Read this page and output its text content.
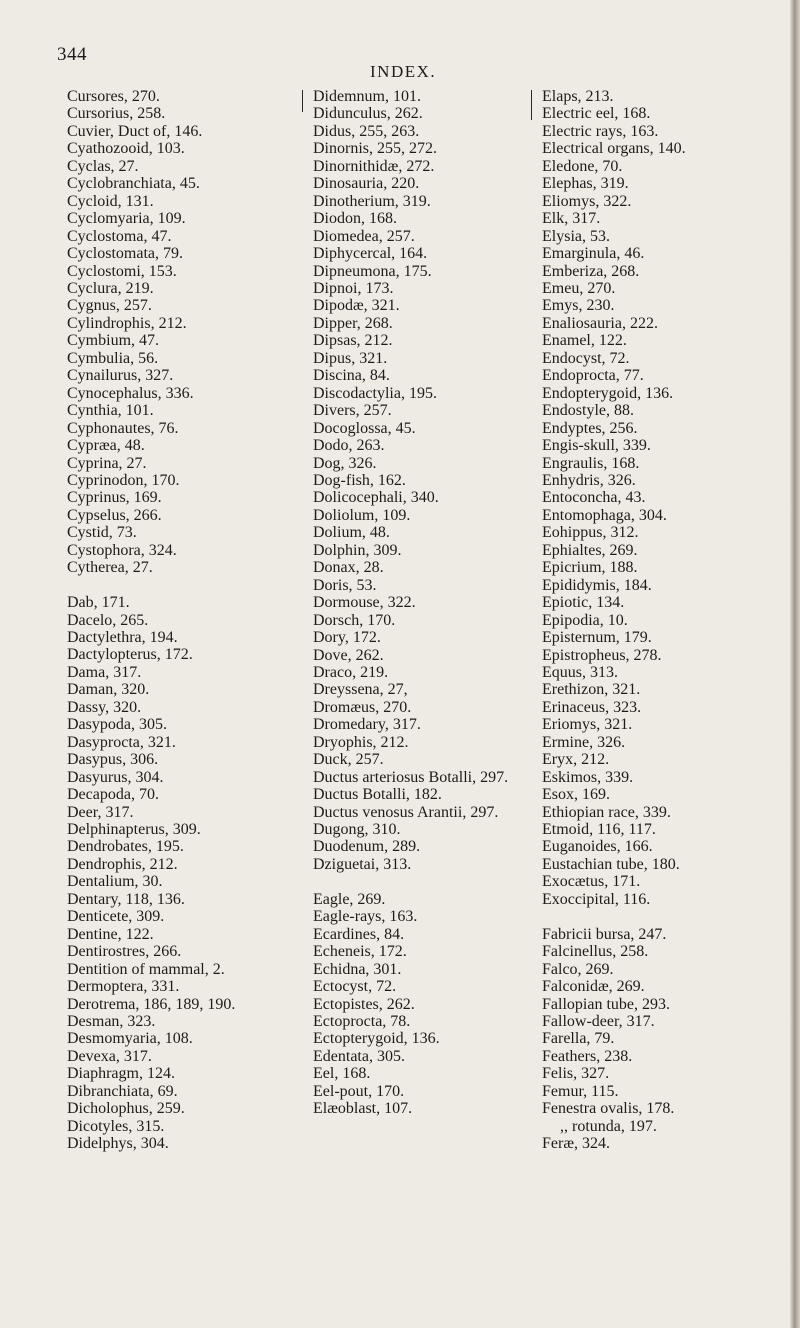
344
INDEX.
Cursores, 270.
Cursorius, 258.
Cuvier, Duct of, 146.
Cyathozooid, 103.
Cyclas, 27.
Cyclobranchiata, 45.
Cycloid, 131.
Cyclomyaria, 109.
Cyclostoma, 47.
Cyclostomata, 79.
Cyclostomi, 153.
Cyclura, 219.
Cygnus, 257.
Cylindrophis, 212.
Cymbium, 47.
Cymbulia, 56.
Cynailurus, 327.
Cynocephalus, 336.
Cynthia, 101.
Cyphonautes, 76.
Cypræa, 48.
Cyprina, 27.
Cyprinodon, 170.
Cyprinus, 169.
Cypselus, 266.
Cystid, 73.
Cystophora, 324.
Cytherea, 27.
Dab, 171.
Dacelo, 265.
Dactylethra, 194.
Dactylopterus, 172.
Dama, 317.
Daman, 320.
Dassy, 320.
Dasypoda, 305.
Dasyprocta, 321.
Dasypus, 306.
Dasyurus, 304.
Decapoda, 70.
Deer, 317.
Delphinapterus, 309.
Dendrobates, 195.
Dendrophis, 212.
Dentalium, 30.
Dentary, 118, 136.
Denticete, 309.
Dentine, 122.
Dentirostres, 266.
Dentition of mammal, 2.
Dermoptera, 331.
Derotrema, 186, 189, 190.
Desman, 323.
Desmomyaria, 108.
Devexa, 317.
Diaphragm, 124.
Dibranchiata, 69.
Dicholophus, 259.
Dicotyles, 315.
Didelphys, 304.
Didemnum, 101.
Didunculus, 262.
Didus, 255, 263.
Dinornis, 255, 272.
Dinornithidæ, 272.
Dinosauria, 220.
Dinotherium, 319.
Diodon, 168.
Diomedea, 257.
Diphycercal, 164.
Dipneumona, 175.
Dipnoi, 173.
Dipodæ, 321.
Dipper, 268.
Dipsas, 212.
Dipus, 321.
Discina, 84.
Discodactylia, 195.
Divers, 257.
Docoglossa, 45.
Dodo, 263.
Dog, 326.
Dog-fish, 162.
Dolicocephali, 340.
Doliolum, 109.
Dolium, 48.
Dolphin, 309.
Donax, 28.
Doris, 53.
Dormouse, 322.
Dorsch, 170.
Dory, 172.
Dove, 262.
Draco, 219.
Dreyssena, 27,
Dromæus, 270.
Dromedary, 317.
Dryophis, 212.
Duck, 257.
Ductus arteriosus Botalli, 297.
Ductus Botalli, 182.
Ductus venosus Arantii, 297.
Dugong, 310.
Duodenum, 289.
Dziguetai, 313.
Eagle, 269.
Eagle-rays, 163.
Ecardines, 84.
Echeneis, 172.
Echidna, 301.
Ectocyst, 72.
Ectopistes, 262.
Ectoprocta, 78.
Ectopterygoid, 136.
Edentata, 305.
Eel, 168.
Eel-pout, 170.
Elæoblast, 107.
Elaps, 213.
Electric eel, 168.
Electric rays, 163.
Electrical organs, 140.
Eledone, 70.
Elephas, 319.
Eliomys, 322.
Elk, 317.
Elysia, 53.
Emarginula, 46.
Emberiza, 268.
Emeu, 270.
Emys, 230.
Enaliosauria, 222.
Enamel, 122.
Endocyst, 72.
Endoprocta, 77.
Endopterygoid, 136.
Endostyle, 88.
Endyptes, 256.
Engis-skull, 339.
Engraulis, 168.
Enhydris, 326.
Entoconcha, 43.
Entomophaga, 304.
Eohippus, 312.
Ephialtes, 269.
Epicrium, 188.
Epididymis, 184.
Epiotic, 134.
Epipodia, 10.
Episternum, 179.
Epistropheus, 278.
Equus, 313.
Erethizon, 321.
Erinaceus, 323.
Eriomys, 321.
Ermine, 326.
Eryx, 212.
Eskimos, 339.
Esox, 169.
Ethiopian race, 339.
Etmoid, 116, 117.
Euganoides, 166.
Eustachian tube, 180.
Exocætus, 171.
Exoccipital, 116.
Fabricii bursa, 247.
Falcinellus, 258.
Falco, 269.
Falconidæ, 269.
Fallopian tube, 293.
Fallow-deer, 317.
Farella, 79.
Feathers, 238.
Felis, 327.
Femur, 115.
Fenestra ovalis, 178.
,, rotunda, 197.
Feræ, 324.
